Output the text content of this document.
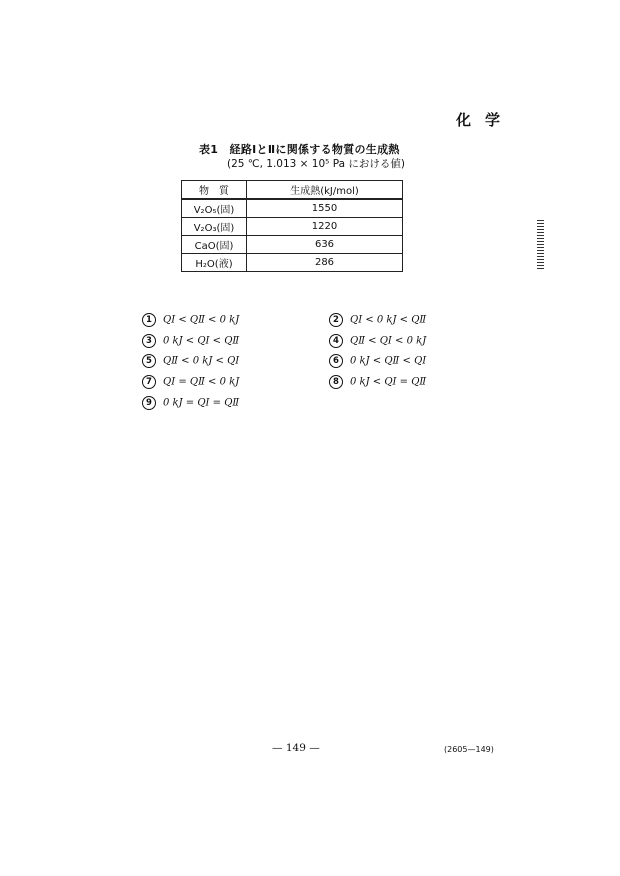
化学
表1　経路ⅠとⅡに関係する物質の生成熱
(25 ℃, 1.013 × 10⁵ Pa における値)
物　質	生成熱(kJ/mol)
V₂O₅(固)	1550
V₂O₃(固)	1220
CaO(固)	636
H₂O(液)	286
1 QⅠ < QⅡ < 0 kJ	2 QⅠ < 0 kJ < QⅡ
3 0 kJ < QⅠ < QⅡ	4 QⅡ < QⅠ < 0 kJ
5 QⅡ < 0 kJ < QⅠ	6 0 kJ < QⅡ < QⅠ
7 QⅠ = QⅡ < 0 kJ	8 0 kJ < QⅠ = QⅡ
9 0 kJ = QⅠ = QⅡ
— 149 —	(2605—149)
